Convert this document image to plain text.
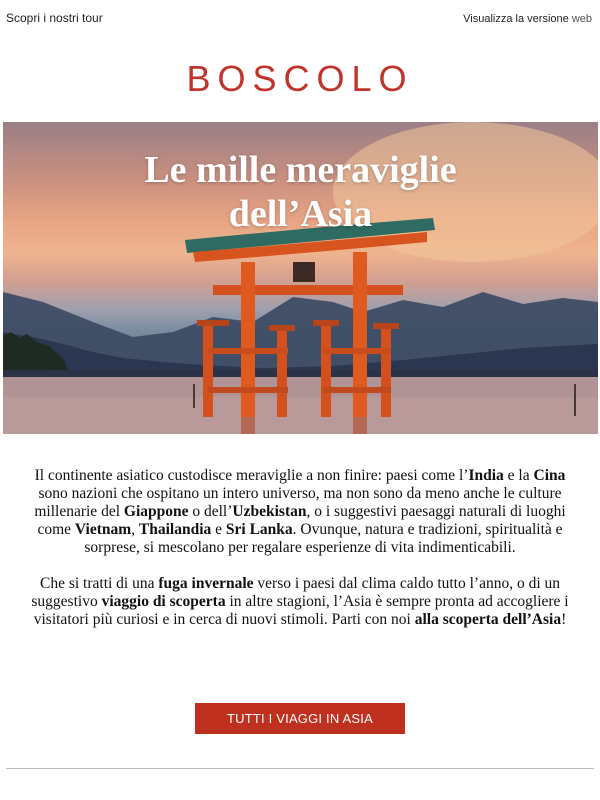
Scopri i nostri tour	Visualizza la versione web
BOSCOLO
Le mille meraviglie
dell’Asia

Il continente asiatico custodisce meraviglie a non finire: paesi come l’India e la Cina sono nazioni che ospitano un intero universo, ma non sono da meno anche le culture millenarie del Giappone o dell’Uzbekistan, o i suggestivi paesaggi naturali di luoghi come Vietnam, Thailandia e Sri Lanka. Ovunque, natura e tradizioni, spiritualità e sorprese, si mescolano per regalare esperienze di vita indimenticabili.

Che si tratti di una fuga invernale verso i paesi dal clima caldo tutto l’anno, o di un suggestivo viaggio di scoperta in altre stagioni, l’Asia è sempre pronta ad accogliere i visitatori più curiosi e in cerca di nuovi stimoli. Parti con noi alla scoperta dell’Asia!

TUTTI I VIAGGI IN ASIA
